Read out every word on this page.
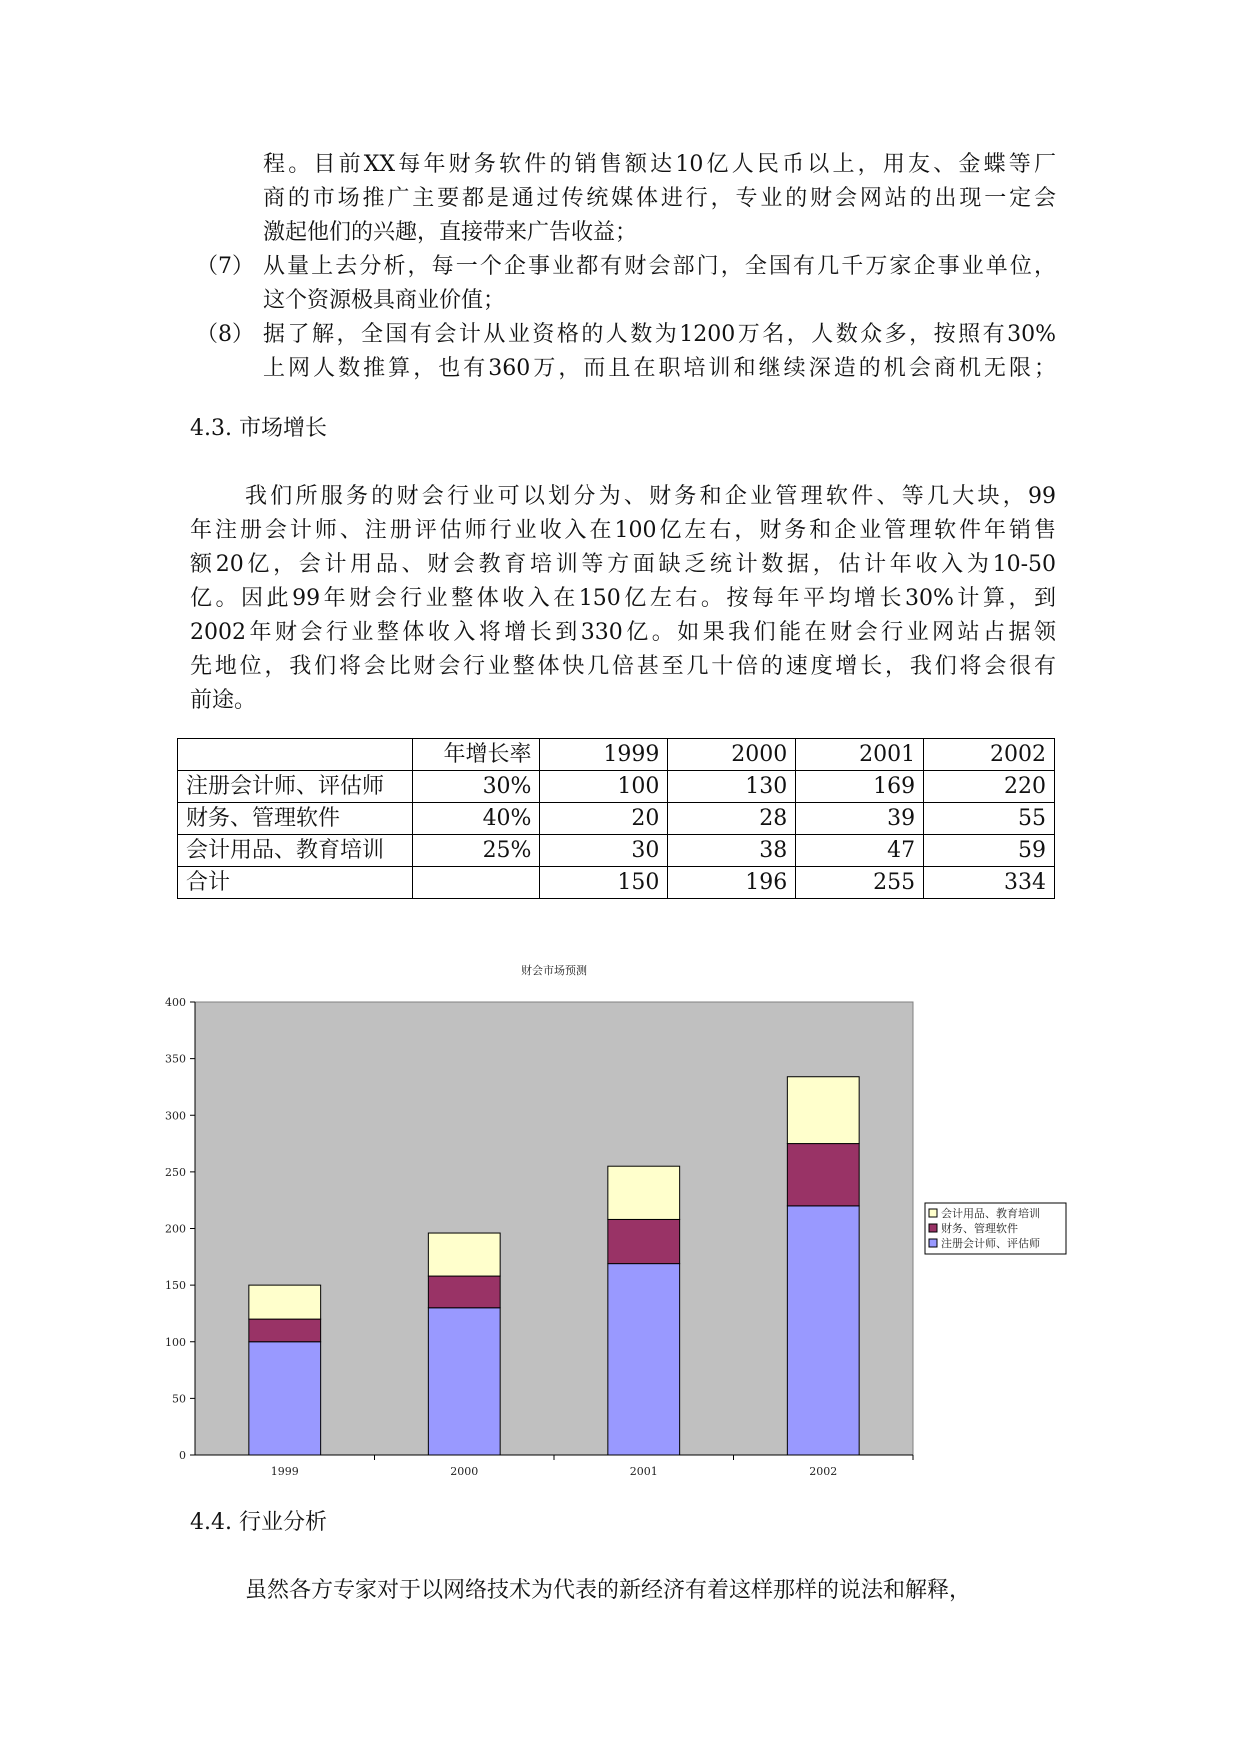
程。目前XX每年财务软件的销售额达10亿人民币以上，用友、金蝶等厂
商的市场推广主要都是通过传统媒体进行，专业的财会网站的出现一定会
激起他们的兴趣，直接带来广告收益；
（7） 从量上去分析，每一个企事业都有财会部门，全国有几千万家企事业单位，
这个资源极具商业价值；
（8） 据了解，全国有会计从业资格的人数为1200万名，人数众多，按照有30%
上网人数推算，也有360万，而且在职培训和继续深造的机会商机无限；
4.3. 市场增长
我们所服务的财会行业可以划分为、财务和企业管理软件、等几大块，99
年注册会计师、注册评估师行业收入在100亿左右，财务和企业管理软件年销售
额20亿，会计用品、财会教育培训等方面缺乏统计数据，估计年收入为10-50
亿。因此99年财会行业整体收入在150亿左右。按每年平均增长30%计算，到
2002年财会行业整体收入将增长到330亿。如果我们能在财会行业网站占据领
先地位，我们将会比财会行业整体快几倍甚至几十倍的速度增长，我们将会很有
前途。
	年增长率	1999	2000	2001	2002
注册会计师、评估师	30%	100	130	169	220
财务、管理软件	40%	20	28	39	55
会计用品、教育培训	25%	30	38	47	59
合计		150	196	255	334
财会市场预测
0
50
100
150
200
250
300
350
400
1999	2000	2001	2002
会计用品、教育培训
财务、管理软件
注册会计师、评估师
4.4. 行业分析
虽然各方专家对于以网络技术为代表的新经济有着这样那样的说法和解释，
